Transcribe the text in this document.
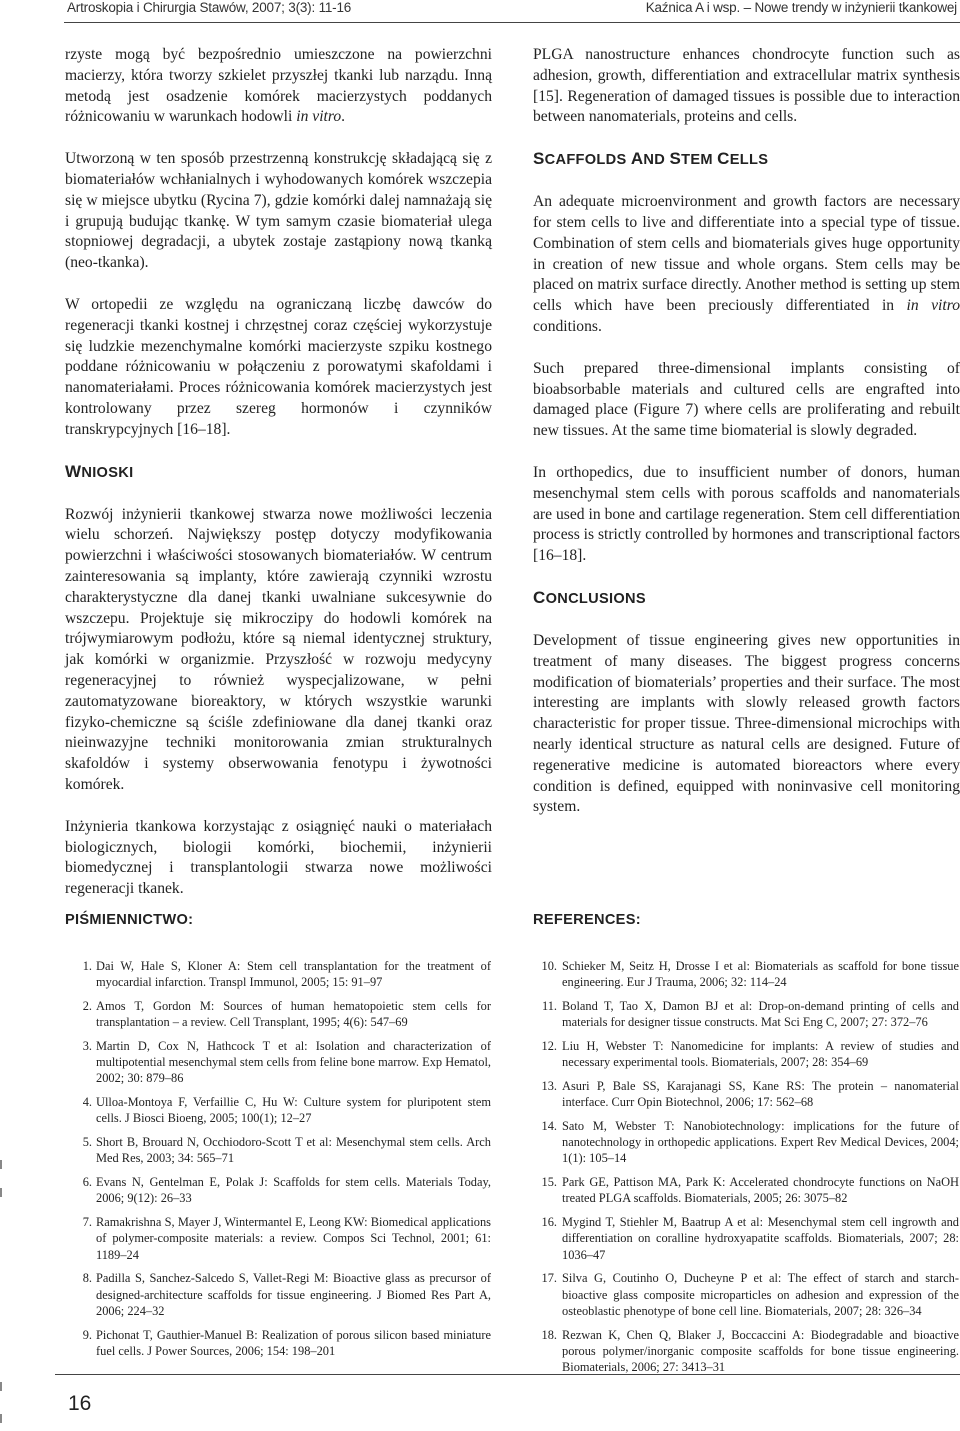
Artroskopia i Chirurgia Stawów, 2007; 3(3): 11-16	Kaźnica A i wsp. – Nowe trendy w inżynierii tkankowej

rzyste mogą być bezpośrednio umieszczone na powierzchni macierzy, która tworzy szkielet przyszłej tkanki lub narządu. Inną metodą jest osadzenie komórek macierzystych poddanych różnicowaniu w warunkach hodowli in vitro.

Utworzoną w ten sposób przestrzenną konstrukcję składającą się z biomateriałów wchłanialnych i wyhodowanych komórek wszczepia się w miejsce ubytku (Rycina 7), gdzie komórki dalej namnażają się i grupują budując tkankę. W tym samym czasie biomateriał ulega stopniowej degradacji, a ubytek zostaje zastąpiony nową tkanką (neo-tkanka).

W ortopedii ze względu na ograniczaną liczbę dawców do regeneracji tkanki kostnej i chrzęstnej coraz częściej wykorzystuje się ludzkie mezenchymalne komórki macierzyste szpiku kostnego poddane różnicowaniu w połączeniu z porowatymi skafoldami i nanomateriałami. Proces różnicowania komórek macierzystych jest kontrolowany przez szereg hormonów i czynników transkrypcyjnych [16–18].

WNIOSKI

Rozwój inżynierii tkankowej stwarza nowe możliwości leczenia wielu schorzeń. Największy postęp dotyczy modyfikowania powierzchni i właściwości stosowanych biomateriałów. W centrum zainteresowania są implanty, które zawierają czynniki wzrostu charakterystyczne dla danej tkanki uwalniane sukcesywnie do wszczepu. Projektuje się mikroczipy do hodowli komórek na trójwymiarowym podłożu, które są niemal identycznej struktury, jak komórki w organizmie. Przyszłość w rozwoju medycyny regeneracyjnej to również wyspecjalizowane, w pełni zautomatyzowane bioreaktory, w których wszystkie warunki fizyko-chemiczne są ściśle zdefiniowane dla danej tkanki oraz nieinwazyjne techniki monitorowania zmian strukturalnych skafoldów i systemy obserwowania fenotypu i żywotności komórek.

Inżynieria tkankowa korzystając z osiągnięć nauki o materiałach biologicznych, biologii komórki, biochemii, inżynierii biomedycznej i transplantologii stwarza nowe możliwości regeneracji tkanek.

PLGA nanostructure enhances chondrocyte function such as adhesion, growth, differentiation and extracellular matrix synthesis [15]. Regeneration of damaged tissues is possible due to interaction between nanomaterials, proteins and cells.

SCAFFOLDS AND STEM CELLS

An adequate microenvironment and growth factors are necessary for stem cells to live and differentiate into a special type of tissue. Combination of stem cells and biomaterials gives huge opportunity in creation of new tissue and whole organs. Stem cells may be placed on matrix surface directly. Another method is setting up stem cells which have been preciously differentiated in in vitro conditions.

Such prepared three-dimensional implants consisting of bioabsorbable materials and cultured cells are engrafted into damaged place (Figure 7) where cells are proliferating and rebuilt new tissues. At the same time biomaterial is slowly degraded.

In orthopedics, due to insufficient number of donors, human mesenchymal stem cells with porous scaffolds and nanomaterials are used in bone and cartilage regeneration. Stem cell differentiation process is strictly controlled by hormones and transcriptional factors [16–18].

CONCLUSIONS

Development of tissue engineering gives new opportunities in treatment of many diseases. The biggest progress concerns modification of biomaterials’ properties and their surface. The most interesting are implants with slowly released growth factors characteristic for proper tissue. Three-dimensional microchips with nearly identical structure as natural cells are designed. Future of regenerative medicine is automated bioreactors where every condition is defined, equipped with noninvasive cell monitoring system.

PIŚMIENNICTWO:	REFERENCES:
1. Dai W, Hale S, Kloner A: Stem cell transplantation for the treatment of myocardial infarction. Transpl Immunol, 2005; 15: 91–97
2. Amos T, Gordon M: Sources of human hematopoietic stem cells for transplantation – a review. Cell Transplant, 1995; 4(6): 547–69
3. Martin D, Cox N, Hathcock T et al: Isolation and characterization of multipotential mesenchymal stem cells from feline bone marrow. Exp Hematol, 2002; 30: 879–86
4. Ulloa-Montoya F, Verfaillie C, Hu W: Culture system for pluripotent stem cells. J Biosci Bioeng, 2005; 100(1); 12–27
5. Short B, Brouard N, Occhiodoro-Scott T et al: Mesenchymal stem cells. Arch Med Res, 2003; 34: 565–71
6. Evans N, Gentelman E, Polak J: Scaffolds for stem cells. Materials Today, 2006; 9(12): 26–33
7. Ramakrishna S, Mayer J, Wintermantel E, Leong KW: Biomedical applications of polymer-composite materials: a review. Compos Sci Technol, 2001; 61: 1189–24
8. Padilla S, Sanchez-Salcedo S, Vallet-Regi M: Bioactive glass as precursor of designed-architecture scaffolds for tissue engineering. J Biomed Res Part A, 2006; 224–32
9. Pichonat T, Gauthier-Manuel B: Realization of porous silicon based miniature fuel cells. J Power Sources, 2006; 154: 198–201
10. Schieker M, Seitz H, Drosse I et al: Biomaterials as scaffold for bone tissue engineering. Eur J Trauma, 2006; 32: 114–24
11. Boland T, Tao X, Damon BJ et al: Drop-on-demand printing of cells and materials for designer tissue constructs. Mat Sci Eng C, 2007; 27: 372–76
12. Liu H, Webster T: Nanomedicine for implants: A review of studies and necessary experimental tools. Biomaterials, 2007; 28: 354–69
13. Asuri P, Bale SS, Karajanagi SS, Kane RS: The protein – nanomaterial interface. Curr Opin Biotechnol, 2006; 17: 562–68
14. Sato M, Webster T: Nanobiotechnology: implications for the future of nanotechnology in orthopedic applications. Expert Rev Medical Devices, 2004; 1(1): 105–14
15. Park GE, Pattison MA, Park K: Accelerated chondrocyte functions on NaOH treated PLGA scaffolds. Biomaterials, 2005; 26: 3075–82
16. Mygind T, Stiehler M, Baatrup A et al: Mesenchymal stem cell ingrowth and differentiation on coralline hydroxyapatite scaffolds. Biomaterials, 2007; 28: 1036–47
17. Silva G, Coutinho O, Ducheyne P et al: The effect of starch and starch-bioactive glass composite microparticles on adhesion and expression of the osteoblastic phenotype of bone cell line. Biomaterials, 2007; 28: 326–34
18. Rezwan K, Chen Q, Blaker J, Boccaccini A: Biodegradable and bioactive porous polymer/inorganic composite scaffolds for bone tissue engineering. Biomaterials, 2006; 27: 3413–31
16
